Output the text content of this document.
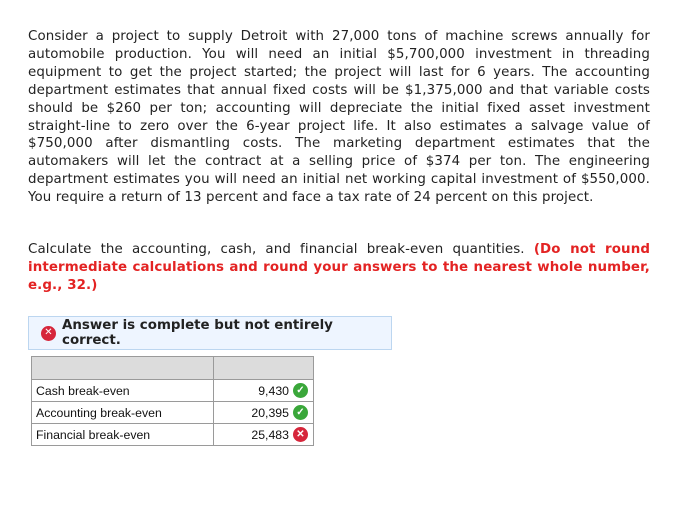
Consider a project to supply Detroit with 27,000 tons of machine screws annually for automobile production. You will need an initial $5,700,000 investment in threading equipment to get the project started; the project will last for 6 years. The accounting department estimates that annual fixed costs will be $1,375,000 and that variable costs should be $260 per ton; accounting will depreciate the initial fixed asset investment straight-line to zero over the 6-year project life. It also estimates a salvage value of $750,000 after dismantling costs. The marketing department estimates that the automakers will let the contract at a selling price of $374 per ton. The engineering department estimates you will need an initial net working capital investment of $550,000. You require a return of 13 percent and face a tax rate of 24 percent on this project.

Calculate the accounting, cash, and financial break-even quantities. (Do not round intermediate calculations and round your answers to the nearest whole number, e.g., 32.)

✕ Answer is complete but not entirely correct.

Cash break-even	9,430 ✓

Accounting break-even	20,395 ✓

Financial break-even	25,483 ✕
